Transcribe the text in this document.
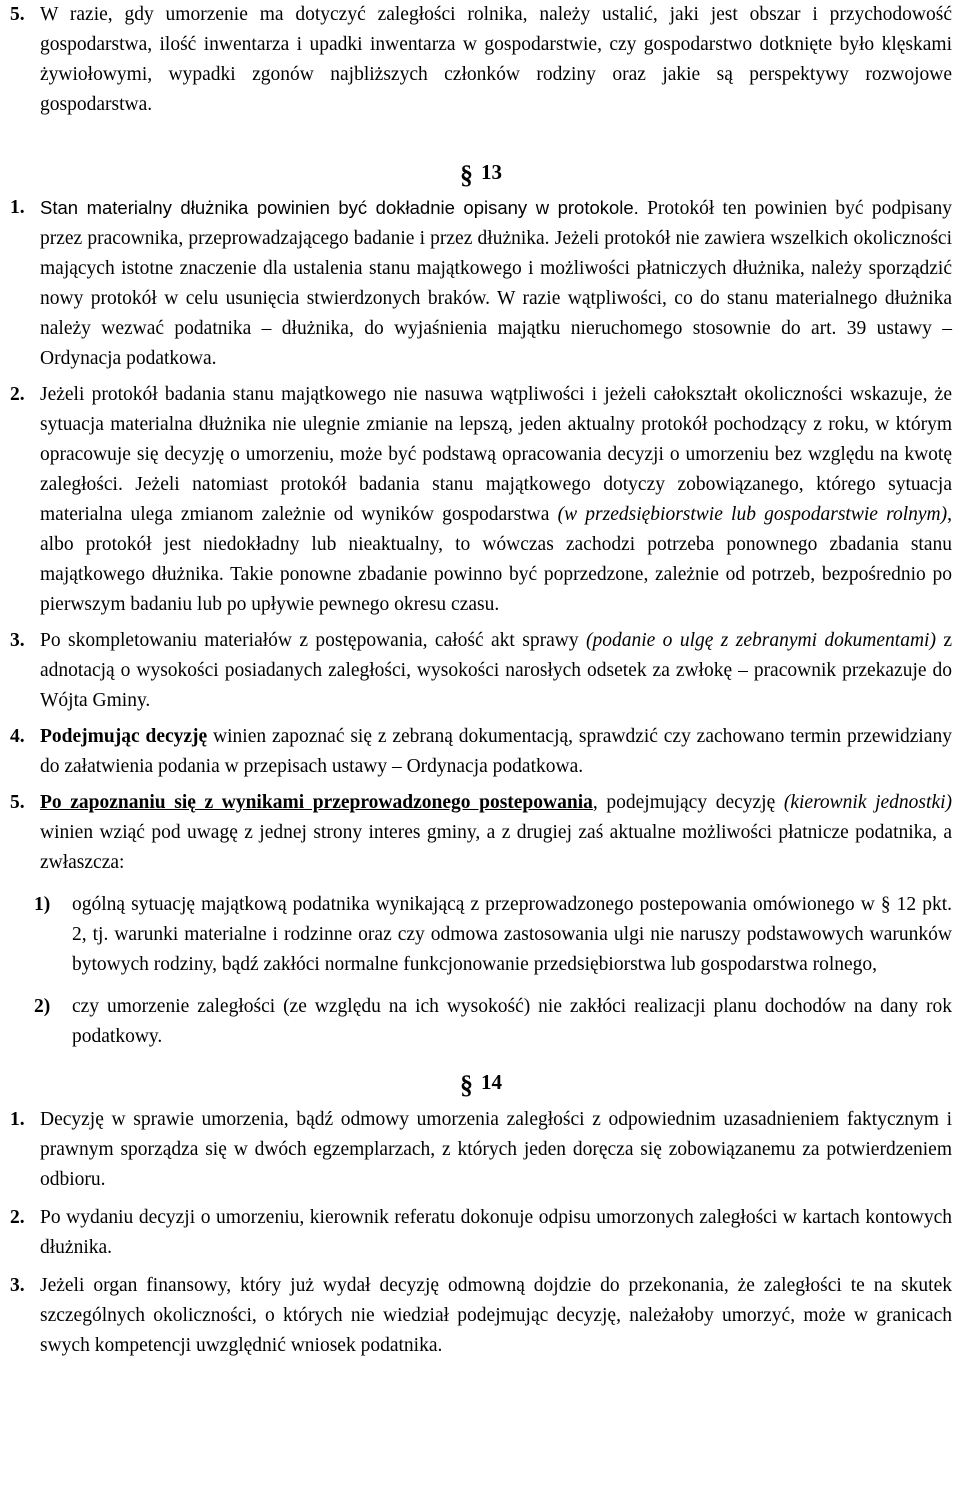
5. W razie, gdy umorzenie ma dotyczyć zaległości rolnika, należy ustalić, jaki jest obszar i przychodowość gospodarstwa, ilość inwentarza i upadki inwentarza w gospodarstwie, czy gospodarstwo dotknięte było klęskami żywiołowymi, wypadki zgonów najbliższych członków rodziny oraz jakie są perspektywy rozwojowe gospodarstwa.
§ 13
1. Stan materialny dłużnika powinien być dokładnie opisany w protokole. Protokół ten powinien być podpisany przez pracownika, przeprowadzającego badanie i przez dłużnika. Jeżeli protokół nie zawiera wszelkich okoliczności mających istotne znaczenie dla ustalenia stanu majątkowego i możliwości płatniczych dłużnika, należy sporządzić nowy protokół w celu usunięcia stwierdzonych braków. W razie wątpliwości, co do stanu materialnego dłużnika należy wezwać podatnika – dłużnika, do wyjaśnienia majątku nieruchomego stosownie do art. 39 ustawy – Ordynacja podatkowa.
2. Jeżeli protokół badania stanu majątkowego nie nasuwa wątpliwości i jeżeli całokształt okoliczności wskazuje, że sytuacja materialna dłużnika nie ulegnie zmianie na lepszą, jeden aktualny protokół pochodzący z roku, w którym opracowuje się decyzję o umorzeniu, może być podstawą opracowania decyzji o umorzeniu bez względu na kwotę zaległości. Jeżeli natomiast protokół badania stanu majątkowego dotyczy zobowiązanego, którego sytuacja materialna ulega zmianom zależnie od wyników gospodarstwa (w przedsiębiorstwie lub gospodarstwie rolnym), albo protokół jest niedokładny lub nieaktualny, to wówczas zachodzi potrzeba ponownego zbadania stanu majątkowego dłużnika. Takie ponowne zbadanie powinno być poprzedzone, zależnie od potrzeb, bezpośrednio po pierwszym badaniu lub po upływie pewnego okresu czasu.
3. Po skompletowaniu materiałów z postępowania, całość akt sprawy (podanie o ulgę z zebranymi dokumentami) z adnotacją o wysokości posiadanych zaległości, wysokości narosłych odsetek za zwłokę – pracownik przekazuje do Wójta Gminy.
4. Podejmując decyzję winien zapoznać się z zebraną dokumentacją, sprawdzić czy zachowano termin przewidziany do załatwienia podania w przepisach ustawy – Ordynacja podatkowa.
5. Po zapoznaniu się z wynikami przeprowadzonego postepowania, podejmujący decyzję (kierownik jednostki) winien wziąć pod uwagę z jednej strony interes gminy, a z drugiej zaś aktualne możliwości płatnicze podatnika, a zwłaszcza:
1)	ogólną sytuację majątkową podatnika wynikającą z przeprowadzonego postepowania omówionego w § 12 pkt. 2, tj. warunki materialne i rodzinne oraz czy odmowa zastosowania ulgi nie naruszy podstawowych warunków bytowych rodziny, bądź zakłóci normalne funkcjonowanie przedsiębiorstwa lub gospodarstwa rolnego,
2)	czy umorzenie zaległości (ze względu na ich wysokość) nie zakłóci realizacji planu dochodów na dany rok podatkowy.
§ 14
1. Decyzję w sprawie umorzenia, bądź odmowy umorzenia zaległości z odpowiednim uzasadnieniem faktycznym i prawnym sporządza się w dwóch egzemplarzach, z których jeden doręcza się zobowiązanemu za potwierdzeniem odbioru.
2. Po wydaniu decyzji o umorzeniu, kierownik referatu dokonuje odpisu umorzonych zaległości w kartach kontowych dłużnika.
3. Jeżeli organ finansowy, który już wydał decyzję odmowną dojdzie do przekonania, że zaległości te na skutek szczególnych okoliczności, o których nie wiedział podejmując decyzję, należałoby umorzyć, może w granicach swych kompetencji uwzględnić wniosek podatnika.
